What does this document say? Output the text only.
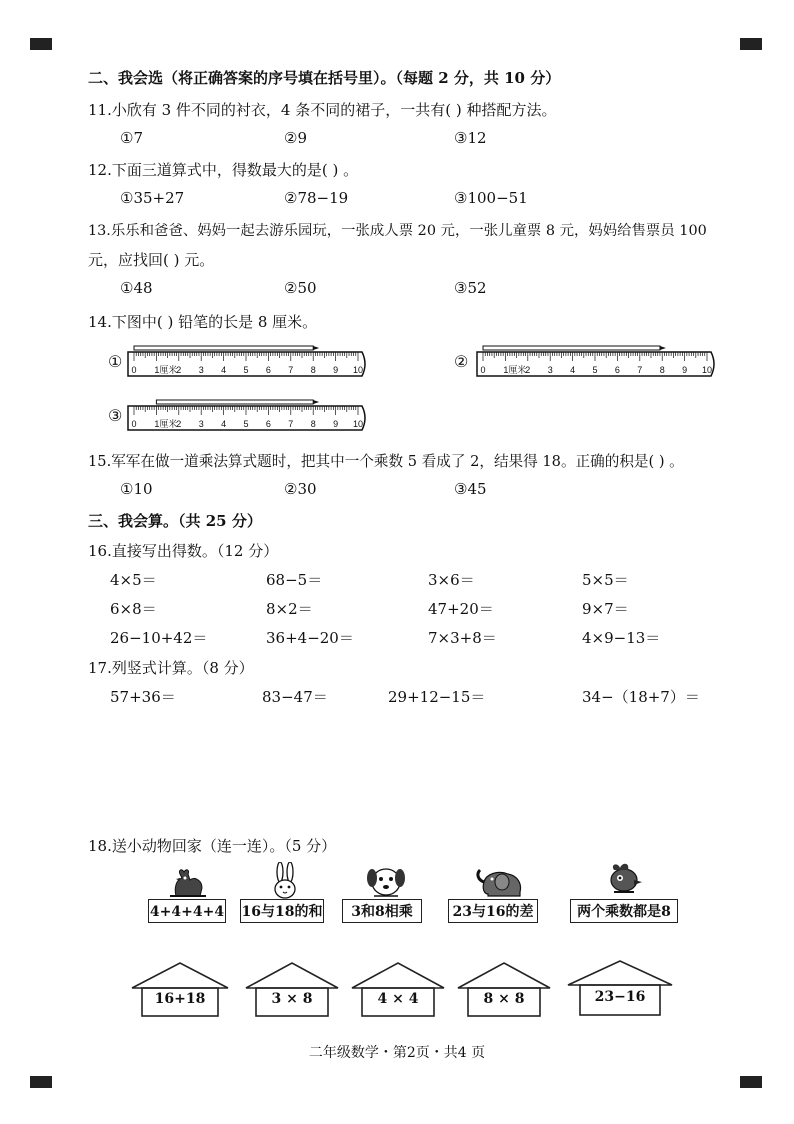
二、我会选（将正确答案的序号填在括号里）。（每题 2 分，共 10 分）
11.小欣有 3 件不同的衬衣，4 条不同的裙子，一共有( ) 种搭配方法。
①7	②9	③12
12.下面三道算式中，得数最大的是( ) 。
①35+27	②78−19	③100−51
13.乐乐和爸爸、妈妈一起去游乐园玩，一张成人票 20 元，一张儿童票 8 元，妈妈给售票员 100
元，应找回( ) 元。
①48	②50	③52
14.下图中( ) 铅笔的长是 8 厘米。
①	②
③
0 1厘米
2 3 4 5 6 7 8 9 10	0 1厘米
2 3 4 5 6 7 8 9 10
0 1厘米
2 3 4 5 6 7 8 9 10
15.军军在做一道乘法算式题时，把其中一个乘数 5 看成了 2，结果得 18。正确的积是( ) 。
①10	②30	③45
三、我会算。（共 25 分）
16.直接写出得数。（12 分）
4×5＝	68−5＝	3×6＝	5×5＝
6×8＝	8×2＝	47+20＝	9×7＝
26−10+42＝	36+4−20＝	7×3+8＝	4×9−13＝
17.列竖式计算。（8 分）
57+36＝	83−47＝	29+12−15＝	34−（18+7）＝
18.送小动物回家（连一连）。（5 分）
4+4+4+4 16与18的和	3和8相乘	23与16的差	两个乘数都是8
16+18	3 × 8	4 × 4	8 × 8	23−16
二年级数学・第2页・共4 页
